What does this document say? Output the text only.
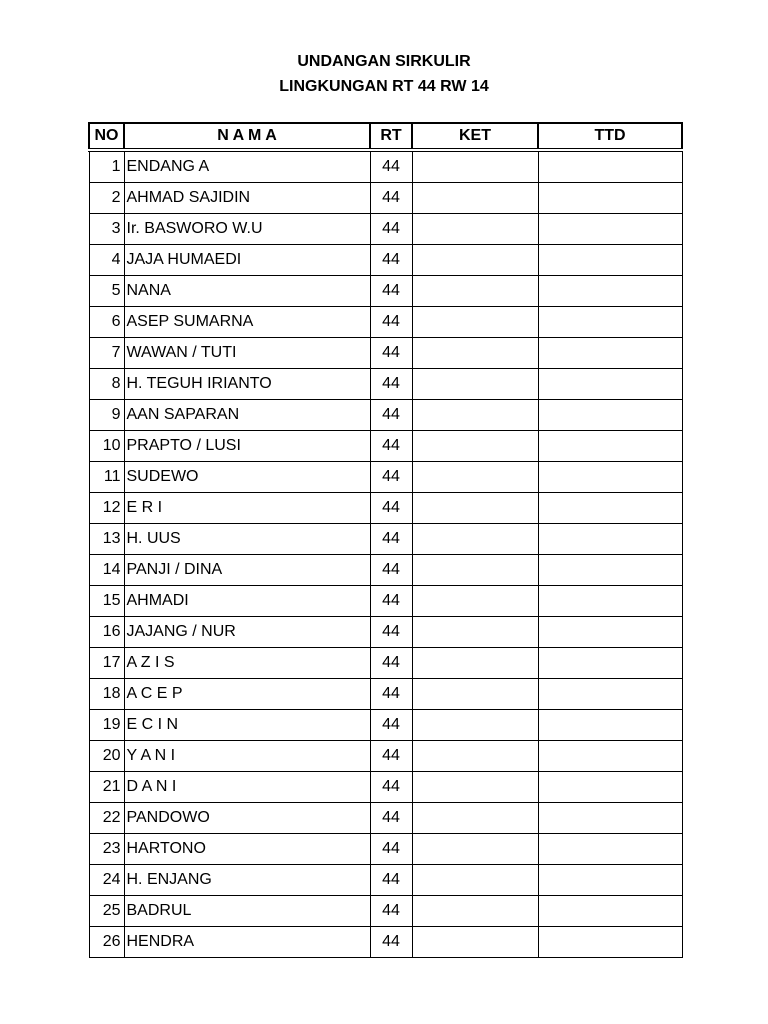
UNDANGAN SIRKULIR
LINGKUNGAN RT 44 RW 14
NO	N A M A	RT	KET	TTD
1	ENDANG A	44		
2	AHMAD SAJIDIN	44		
3	Ir. BASWORO W.U	44		
4	JAJA HUMAEDI	44		
5	NANA	44		
6	ASEP SUMARNA	44		
7	WAWAN / TUTI	44		
8	H. TEGUH IRIANTO	44		
9	AAN SAPARAN	44		
10	PRAPTO / LUSI	44		
11	SUDEWO	44		
12	E R I	44		
13	H. UUS	44		
14	PANJI / DINA	44		
15	AHMADI	44		
16	JAJANG / NUR	44		
17	A Z I S	44		
18	A C E P	44		
19	E C I N	44		
20	Y A N I	44		
21	D A N I	44		
22	PANDOWO	44		
23	HARTONO	44		
24	H. ENJANG	44		
25	BADRUL	44		
26	HENDRA	44		
